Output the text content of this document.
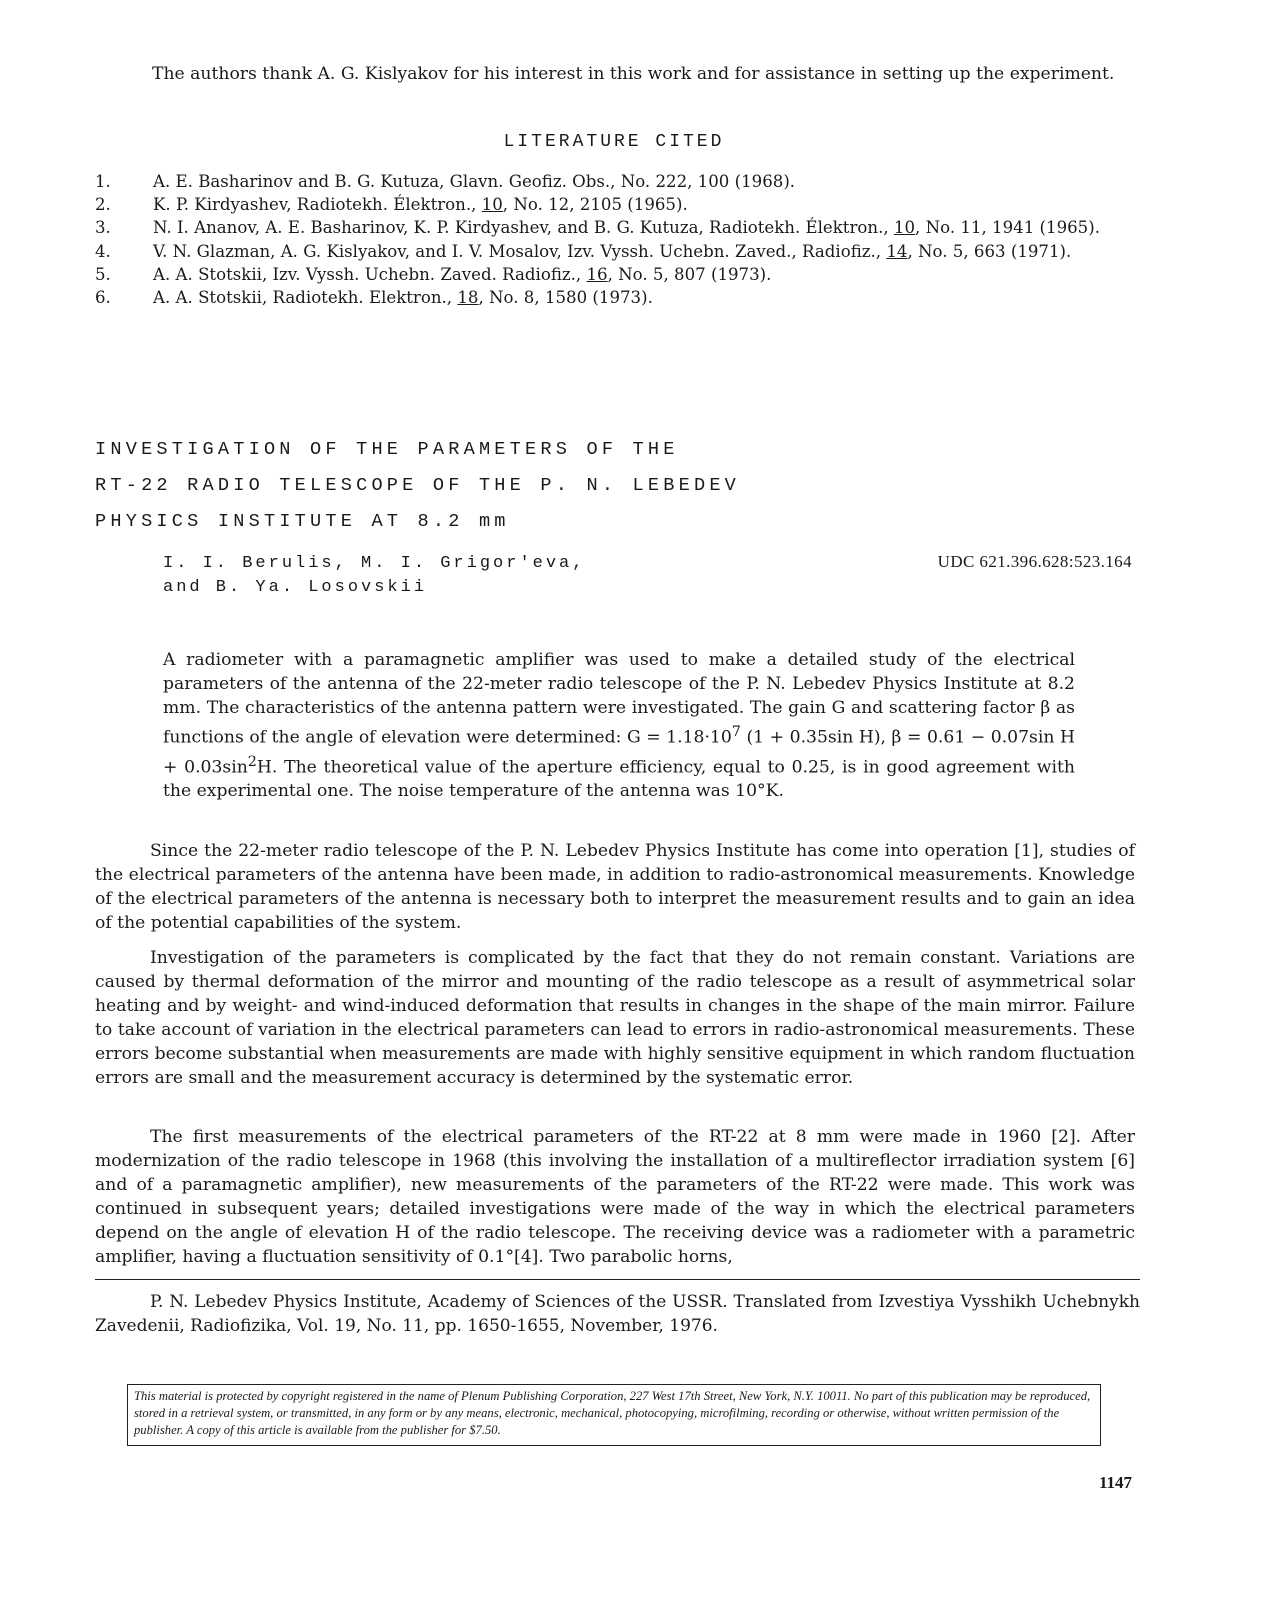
The authors thank A. G. Kislyakov for his interest in this work and for assistance in setting up the experiment.
LITERATURE CITED
1.	A. E. Basharinov and B. G. Kutuza, Glavn. Geofiz. Obs., No. 222, 100 (1968).
2.	K. P. Kirdyashev, Radiotekh. Élektron., 10, No. 12, 2105 (1965).
3.	N. I. Ananov, A. E. Basharinov, K. P. Kirdyashev, and B. G. Kutuza, Radiotekh. Élektron., 10, No. 11, 1941 (1965).
4.	V. N. Glazman, A. G. Kislyakov, and I. V. Mosalov, Izv. Vyssh. Uchebn. Zaved., Radiofiz., 14, No. 5, 663 (1971).
5.	A. A. Stotskii, Izv. Vyssh. Uchebn. Zaved. Radiofiz., 16, No. 5, 807 (1973).
6.	A. A. Stotskii, Radiotekh. Elektron., 18, No. 8, 1580 (1973).
INVESTIGATION OF THE PARAMETERS OF THE
RT-22 RADIO TELESCOPE OF THE P. N. LEBEDEV
PHYSICS INSTITUTE AT 8.2 mm
I. I. Berulis, M. I. Grigor'eva,
and B. Ya. Losovskii
UDC 621.396.628:523.164
A radiometer with a paramagnetic amplifier was used to make a detailed study of the electrical parameters of the antenna of the 22-meter radio telescope of the P. N. Lebedev Physics Institute at 8.2 mm. The characteristics of the antenna pattern were investigated. The gain G and scattering factor β as functions of the angle of elevation were determined: $G = 1.18\cdot 10^7$ (1 + 0.35sin H), β = 0.61 − 0.07sin $H + 0.03\sin^2H$. The theoretical value of the aperture efficiency, equal to 0.25, is in good agreement with the experimental one. The noise temperature of the antenna was 10°K.
Since the 22-meter radio telescope of the P. N. Lebedev Physics Institute has come into operation [1], studies of the electrical parameters of the antenna have been made, in addition to radio-astronomical measurements. Knowledge of the electrical parameters of the antenna is necessary both to interpret the measurement results and to gain an idea of the potential capabilities of the system.
Investigation of the parameters is complicated by the fact that they do not remain constant. Variations are caused by thermal deformation of the mirror and mounting of the radio telescope as a result of asymmetrical solar heating and by weight- and wind-induced deformation that results in changes in the shape of the main mirror. Failure to take account of variation in the electrical parameters can lead to errors in radio-astronomical measurements. These errors become substantial when measurements are made with highly sensitive equipment in which random fluctuation errors are small and the measurement accuracy is determined by the systematic error.
The first measurements of the electrical parameters of the RT-22 at 8 mm were made in 1960 [2]. After modernization of the radio telescope in 1968 (this involving the installation of a multireflector irradiation system [6] and of a paramagnetic amplifier), new measurements of the parameters of the RT-22 were made. This work was continued in subsequent years; detailed investigations were made of the way in which the electrical parameters depend on the angle of elevation H of the radio telescope. The receiving device was a radiometer with a parametric amplifier, having a fluctuation sensitivity of 0.1°[4]. Two parabolic horns,
P. N. Lebedev Physics Institute, Academy of Sciences of the USSR. Translated from Izvestiya Vysshikh Uchebnykh Zavedenii, Radiofizika, Vol. 19, No. 11, pp. 1650-1655, November, 1976.
This material is protected by copyright registered in the name of Plenum Publishing Corporation, 227 West 17th Street, New York, N.Y. 10011. No part of this publication may be reproduced, stored in a retrieval system, or transmitted, in any form or by any means, electronic, mechanical, photocopying, microfilming, recording or otherwise, without written permission of the publisher. A copy of this article is available from the publisher for $7.50.
1147
